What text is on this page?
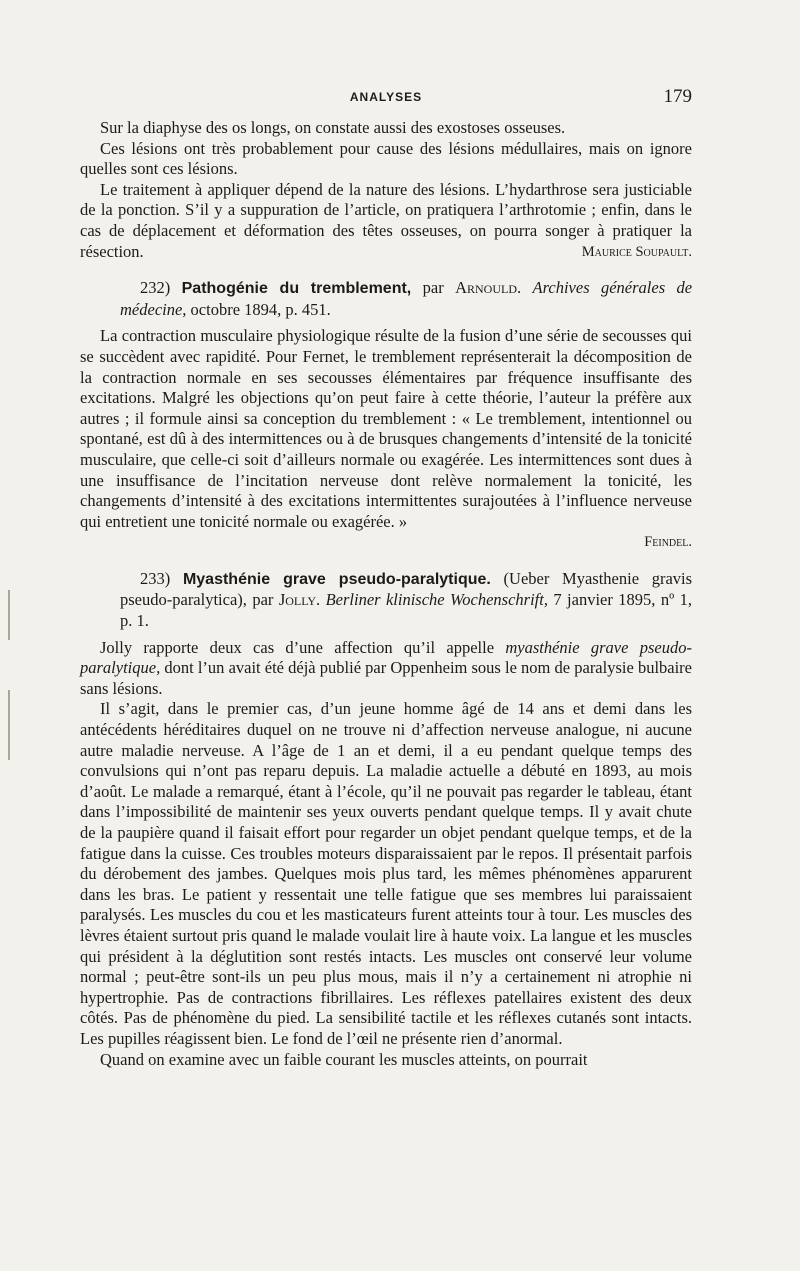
ANALYSES	179

Sur la diaphyse des os longs, on constate aussi des exostoses osseuses.

Ces lésions ont très probablement pour cause des lésions médullaires, mais on ignore quelles sont ces lésions.

Le traitement à appliquer dépend de la nature des lésions. L’hydarthrose sera justiciable de la ponction. S’il y a suppuration de l’article, on pratiquera l’arthrotomie ; enfin, dans le cas de déplacement et déformation des têtes osseuses, on pourra songer à pratiquer la résection.	Maurice Soupault.

232) Pathogénie du tremblement, par Arnould. Archives générales de médecine, octobre 1894, p. 451.

La contraction musculaire physiologique résulte de la fusion d’une série de secousses qui se succèdent avec rapidité. Pour Fernet, le tremblement représenterait la décomposition de la contraction normale en ses secousses élémentaires par fréquence insuffisante des excitations. Malgré les objections qu’on peut faire à cette théorie, l’auteur la préfère aux autres ; il formule ainsi sa conception du tremblement : « Le tremblement, intentionnel ou spontané, est dû à des intermittences ou à de brusques changements d’intensité de la tonicité musculaire, que celle-ci soit d’ailleurs normale ou exagérée. Les intermittences sont dues à une insuffisance de l’incitation nerveuse dont relève normalement la tonicité, les changements d’intensité à des excitations intermittentes surajoutées à l’influence nerveuse qui entretient une tonicité normale ou exagérée. »

Feindel.

233) Myasthénie grave pseudo-paralytique. (Ueber Myasthenie gravis pseudo-paralytica), par Jolly. Berliner klinische Wochenschrift, 7 janvier 1895, nº 1, p. 1.

Jolly rapporte deux cas d’une affection qu’il appelle myasthénie grave pseudo-paralytique, dont l’un avait été déjà publié par Oppenheim sous le nom de paralysie bulbaire sans lésions.

Il s’agit, dans le premier cas, d’un jeune homme âgé de 14 ans et demi dans les antécédents héréditaires duquel on ne trouve ni d’affection nerveuse analogue, ni aucune autre maladie nerveuse. A l’âge de 1 an et demi, il a eu pendant quelque temps des convulsions qui n’ont pas reparu depuis. La maladie actuelle a débuté en 1893, au mois d’août. Le malade a remarqué, étant à l’école, qu’il ne pouvait pas regarder le tableau, étant dans l’impossibilité de maintenir ses yeux ouverts pendant quelque temps. Il y avait chute de la paupière quand il faisait effort pour regarder un objet pendant quelque temps, et de la fatigue dans la cuisse. Ces troubles moteurs disparaissaient par le repos. Il présentait parfois du dérobement des jambes. Quelques mois plus tard, les mêmes phénomènes apparurent dans les bras. Le patient y ressentait une telle fatigue que ses membres lui paraissaient paralysés. Les muscles du cou et les masticateurs furent atteints tour à tour. Les muscles des lèvres étaient surtout pris quand le malade voulait lire à haute voix. La langue et les muscles qui président à la déglutition sont restés intacts. Les muscles ont conservé leur volume normal ; peut-être sont-ils un peu plus mous, mais il n’y a certainement ni atrophie ni hypertrophie. Pas de contractions fibrillaires. Les réflexes patellaires existent des deux côtés. Pas de phénomène du pied. La sensibilité tactile et les réflexes cutanés sont intacts. Les pupilles réagissent bien. Le fond de l’œil ne présente rien d’anormal.

Quand on examine avec un faible courant les muscles atteints, on pourrait
